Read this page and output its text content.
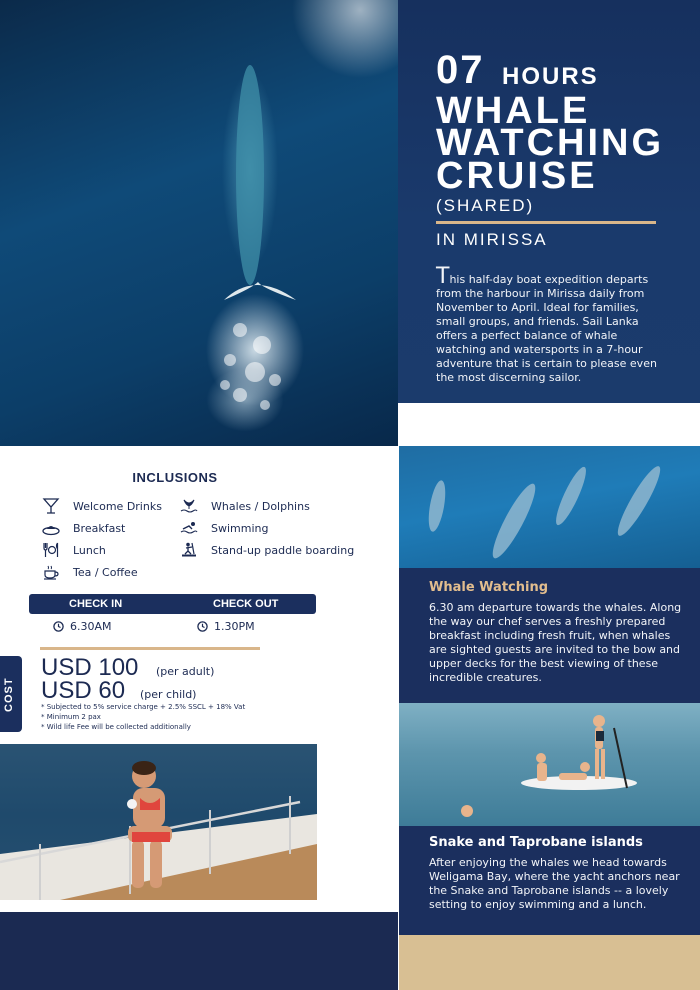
07 HOURS
WHALE
WATCHING
CRUISE
(SHARED)
IN MIRISSA
This half-day boat expedition departs from the harbour in Mirissa daily from November to April. Ideal for families, small groups, and friends. Sail Lanka offers a perfect balance of whale watching and watersports in a 7-hour adventure that is certain to please even the most discerning sailor.
INCLUSIONS
Welcome Drinks
Breakfast
Lunch
Tea / Coffee
Whales / Dolphins
Swimming
Stand-up paddle boarding
CHECK IN	CHECK OUT
6.30AM	1.30PM
COST
USD 100 (per adult)
USD 60 (per child)
* Subjected to 5% service charge + 2.5% SSCL + 18% Vat
* Minimum 2 pax
* Wild life Fee will be collected additionally
Whale Watching
6.30 am departure towards the whales. Along the way our chef serves a freshly prepared breakfast including fresh fruit, when whales are sighted guests are invited to the bow and upper decks for the best viewing of these incredible creatures.
Snake and Taprobane islands
After enjoying the whales we head towards Weligama Bay, where the yacht anchors near the Snake and Taprobane islands -- a lovely setting to enjoy swimming and a lunch.
